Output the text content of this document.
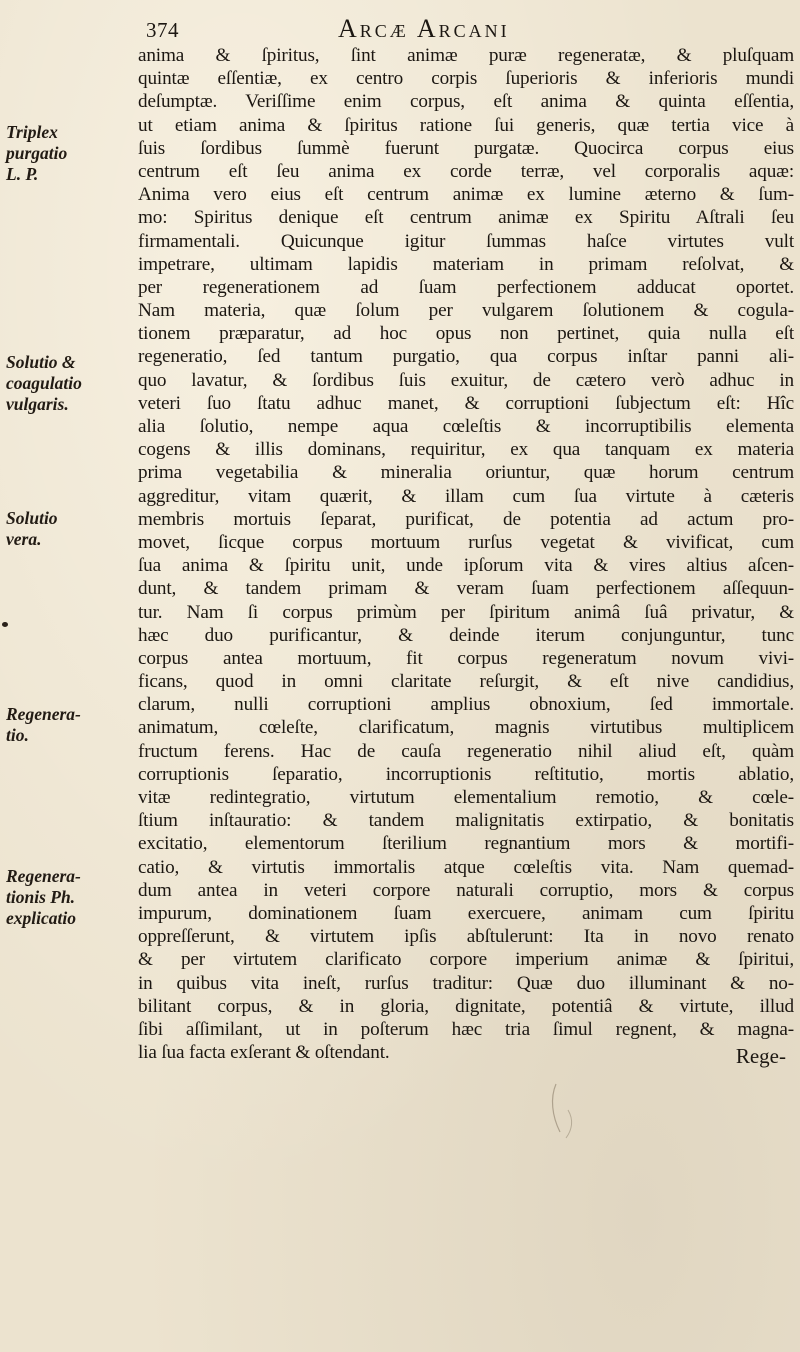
374	Arcæ Arcani
Triplex
purgatio
L. P.
Solutio &
coagulatio
vulgaris.
Solutio
vera.
Regenera-
tio.
Regenera-
tionis Ph.
explicatio
anima & ſpiritus, ſint animæ puræ regeneratæ, & pluſquam
quintæ eſſentiæ, ex centro corpis ſuperioris & inferioris mundi
deſumptæ. Veriſſime enim corpus, eſt anima & quinta eſſentia,
ut etiam anima & ſpiritus ratione ſui generis, quæ tertia vice à
ſuis ſordibus ſummè fuerunt purgatæ. Quocirca corpus eius
centrum eſt ſeu anima ex corde terræ, vel corporalis aquæ:
Anima vero eius eſt centrum animæ ex lumine æterno & ſum-
mo: Spiritus denique eſt centrum animæ ex Spiritu Aſtrali ſeu
firmamentali. Quicunque igitur ſummas haſce virtutes vult
impetrare, ultimam lapidis materiam in primam reſolvat, &
per regenerationem ad ſuam perfectionem adducat oportet.
Nam materia, quæ ſolum per vulgarem ſolutionem & cogula-
tionem præparatur, ad hoc opus non pertinet, quia nulla eſt
regeneratio, ſed tantum purgatio, qua corpus inſtar panni ali-
quo lavatur, & ſordibus ſuis exuitur, de cætero verò adhuc in
veteri ſuo ſtatu adhuc manet, & corruptioni ſubjectum eſt: Hîc
alia ſolutio, nempe aqua cœleſtis & incorruptibilis elementa
cogens & illis dominans, requiritur, ex qua tanquam ex materia
prima vegetabilia & mineralia oriuntur, quæ horum centrum
aggreditur, vitam quærit, & illam cum ſua virtute à cæteris
membris mortuis ſeparat, purificat, de potentia ad actum pro-
movet, ſicque corpus mortuum rurſus vegetat & vivificat, cum
ſua anima & ſpiritu unit, unde ipſorum vita & vires altius aſcen-
dunt, & tandem primam & veram ſuam perfectionem aſſequun-
tur. Nam ſi corpus primùm per ſpiritum animâ ſuâ privatur, &
hæc duo purificantur, & deinde iterum conjunguntur, tunc
corpus antea mortuum, fit corpus regeneratum novum vivi-
ficans, quod in omni claritate reſurgit, & eſt nive candidius,
clarum, nulli corruptioni amplius obnoxium, ſed immortale.
animatum, cœleſte, clarificatum, magnis virtutibus multiplicem
fructum ferens. Hac de cauſa regeneratio nihil aliud eſt, quàm
corruptionis ſeparatio, incorruptionis reſtitutio, mortis ablatio,
vitæ redintegratio, virtutum elementalium remotio, & cœle-
ſtium inſtauratio: & tandem malignitatis extirpatio, & bonitatis
excitatio, elementorum ſterilium regnantium mors & mortifi-
catio, & virtutis immortalis atque cœleſtis vita. Nam quemad-
dum antea in veteri corpore naturali corruptio, mors & corpus
impurum, dominationem ſuam exercuere, animam cum ſpiritu
oppreſſerunt, & virtutem ipſis abſtulerunt: Ita in novo renato
& per virtutem clarificato corpore imperium animæ & ſpiritui,
in quibus vita ineſt, rurſus traditur: Quæ duo illuminant & no-
bilitant corpus, & in gloria, dignitate, potentiâ & virtute, illud
ſibi aſſimilant, ut in poſterum hæc tria ſimul regnent, & magna-
lia ſua facta exſerant & oſtendant.	Rege-
